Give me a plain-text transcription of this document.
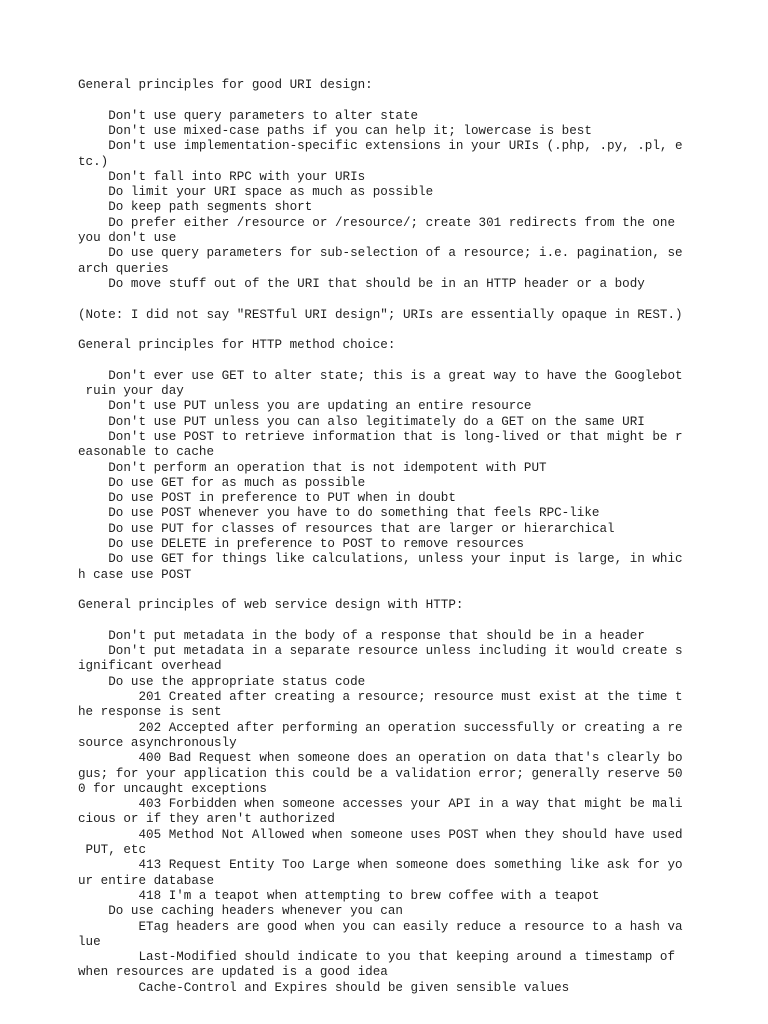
General principles for good URI design:

Don't use query parameters to alter state

Don't use mixed-case paths if you can help it; lowercase is best

Don't use implementation-specific extensions in your URIs (.php, .py, .pl, e

tc.)

Don't fall into RPC with your URIs

Do limit your URI space as much as possible

Do keep path segments short

Do prefer either /resource or /resource/; create 301 redirects from the one

you don't use

Do use query parameters for sub-selection of a resource; i.e. pagination, se

arch queries

Do move stuff out of the URI that should be in an HTTP header or a body

(Note: I did not say "RESTful URI design"; URIs are essentially opaque in REST.)

General principles for HTTP method choice:

Don't ever use GET to alter state; this is a great way to have the Googlebot

ruin your day

Don't use PUT unless you are updating an entire resource

Don't use PUT unless you can also legitimately do a GET on the same URI

Don't use POST to retrieve information that is long-lived or that might be r

easonable to cache

Don't perform an operation that is not idempotent with PUT

Do use GET for as much as possible

Do use POST in preference to PUT when in doubt

Do use POST whenever you have to do something that feels RPC-like

Do use PUT for classes of resources that are larger or hierarchical

Do use DELETE in preference to POST to remove resources

Do use GET for things like calculations, unless your input is large, in whic

h case use POST

General principles of web service design with HTTP:

Don't put metadata in the body of a response that should be in a header

Don't put metadata in a separate resource unless including it would create s

ignificant overhead

Do use the appropriate status code

201 Created after creating a resource; resource must exist at the time t

he response is sent

202 Accepted after performing an operation successfully or creating a re

source asynchronously

400 Bad Request when someone does an operation on data that's clearly bo

gus; for your application this could be a validation error; generally reserve 50

0 for uncaught exceptions

403 Forbidden when someone accesses your API in a way that might be mali

cious or if they aren't authorized

405 Method Not Allowed when someone uses POST when they should have used

PUT, etc

413 Request Entity Too Large when someone does something like ask for yo

ur entire database

418 I'm a teapot when attempting to brew coffee with a teapot

Do use caching headers whenever you can

ETag headers are good when you can easily reduce a resource to a hash va

lue

Last-Modified should indicate to you that keeping around a timestamp of

when resources are updated is a good idea

Cache-Control and Expires should be given sensible values
